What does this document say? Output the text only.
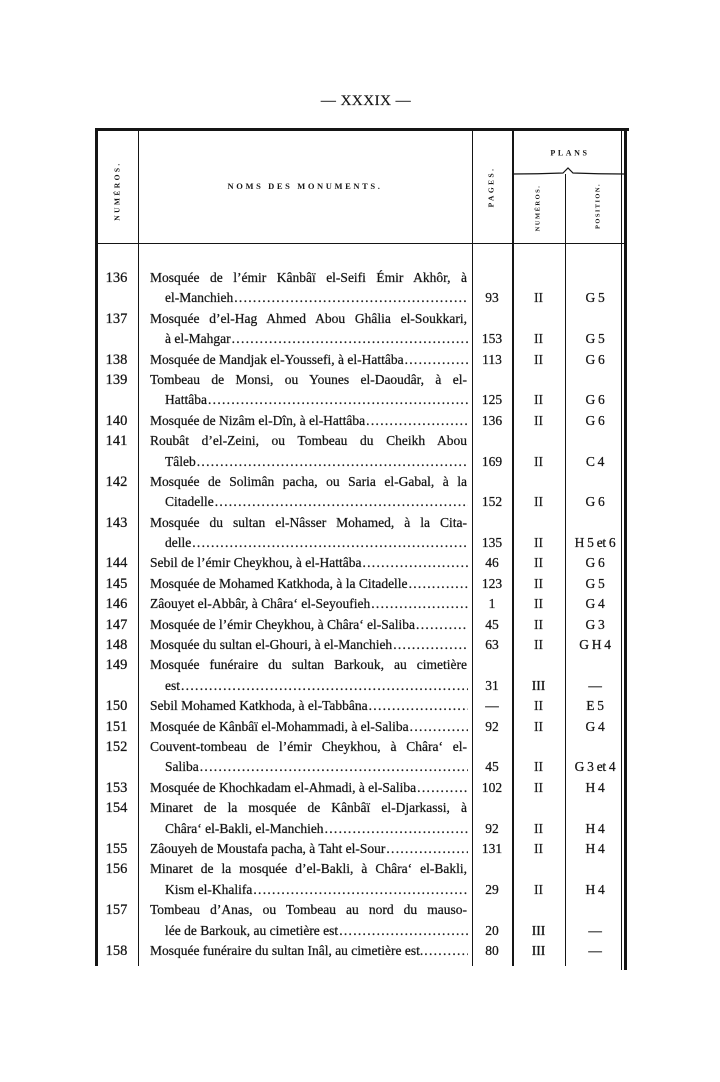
— XXXIX —
NUMÉROS.	NOMS DES MONUMENTS.	PAGES.
PLANS
NUMÉROS.	POSITION.
136	Mosquée de l’émir Kânbâï el-Seifi Émir Akhôr, à
el-Manchieh .....	93	II	G 5
137	Mosquée d’el-Hag Ahmed Abou Ghâlia el-Soukkari,
à el-Mahgar .....	153	II	G 5
138	Mosquée de Mandjak el-Youssefi, à el-Hattâba .....	113	II	G 6
139	Tombeau de Monsi, ou Younes el-Daoudâr, à el-
Hattâba .....	125	II	G 6
140	Mosquée de Nizâm el-Dîn, à el-Hattâba .....	136	II	G 6
141	Roubât d’el-Zeini, ou Tombeau du Cheikh Abou
Tâleb .....	169	II	C 4
142	Mosquée de Solimân pacha, ou Saria el-Gabal, à la
Citadelle .....	152	II	G 6
143	Mosquée du sultan el-Nâsser Mohamed, à la Cita-
delle .....	135	II	H 5 et 6
144	Sebil de l’émir Cheykhou, à el-Hattâba .....	46	II	G 6
145	Mosquée de Mohamed Katkhoda, à la Citadelle .....	123	II	G 5
146	Zâouyet el-Abbâr, à Châra‘ el-Seyoufieh .....	1	II	G 4
147	Mosquée de l’émir Cheykhou, à Châra‘ el-Saliba .....	45	II	G 3
148	Mosquée du sultan el-Ghouri, à el-Manchieh .....	63	II	G H 4
149	Mosquée funéraire du sultan Barkouk, au cimetière
est .....	31	III	—
150	Sebil Mohamed Katkhoda, à el-Tabbâna .....	—	II	E 5
151	Mosquée de Kânbâï el-Mohammadi, à el-Saliba .....	92	II	G 4
152	Couvent-tombeau de l’émir Cheykhou, à Châra‘ el-
Saliba .....	45	II	G 3 et 4
153	Mosquée de Khochkadam el-Ahmadi, à el-Saliba .....	102	II	H 4
154	Minaret de la mosquée de Kânbâï el-Djarkassi, à
Châra‘ el-Bakli, el-Manchieh .....	92	II	H 4
155	Zâouyeh de Moustafa pacha, à Taht el-Sour .....	131	II	H 4
156	Minaret de la mosquée d’el-Bakli, à Châra‘ el-Bakli,
Kism el-Khalifa .....	29	II	H 4
157	Tombeau d’Anas, ou Tombeau au nord du mauso-
lée de Barkouk, au cimetière est .....	20	III	—
158	Mosquée funéraire du sultan Inâl, au cimetière est. .....	80	III	—
